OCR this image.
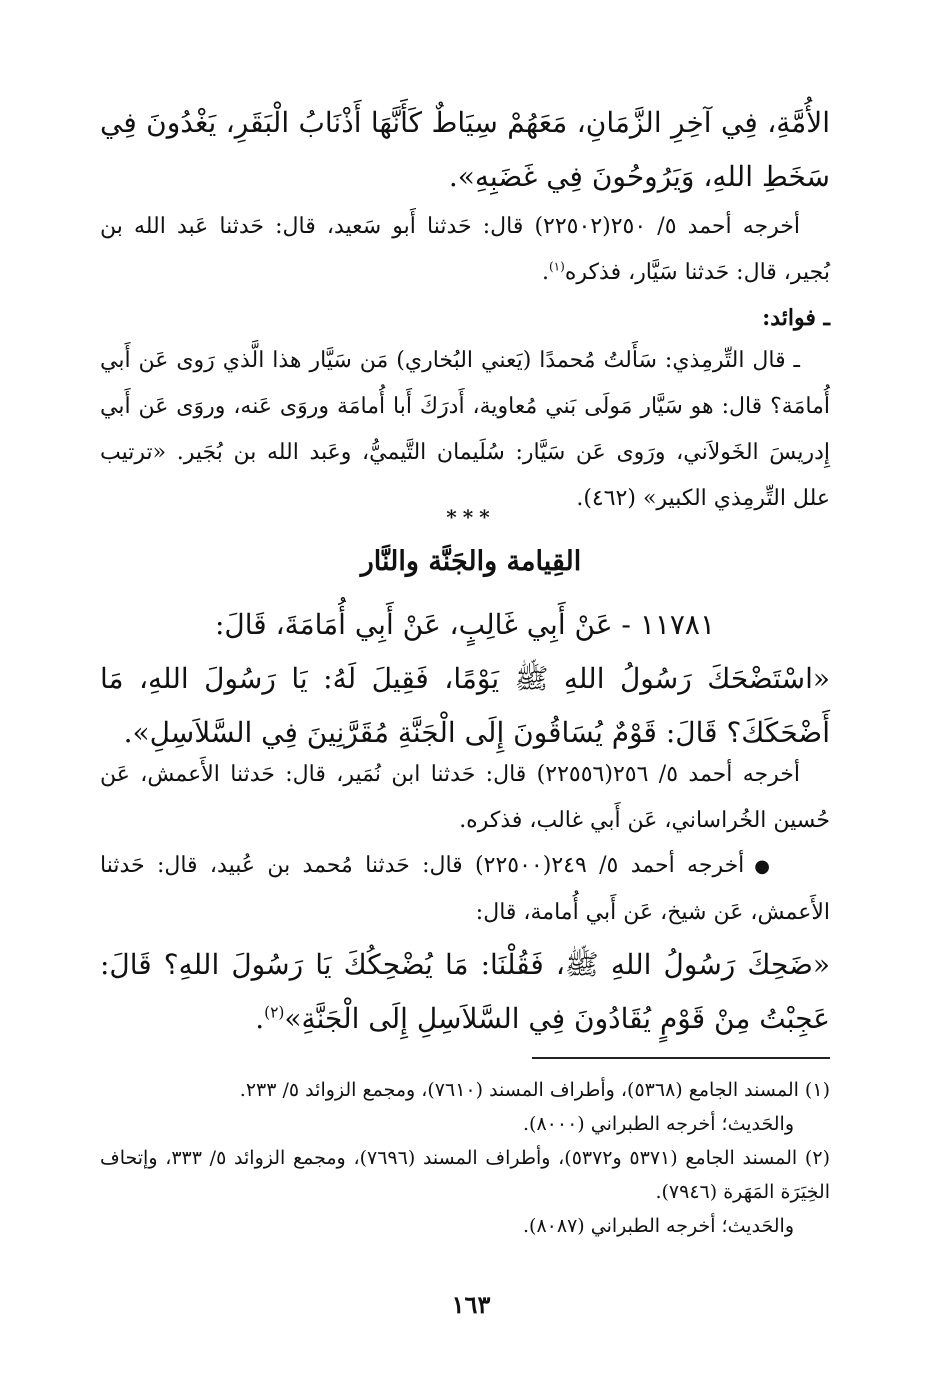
الأُمَّةِ، فِي آخِرِ الزَّمَانِ، مَعَهُمْ سِيَاطٌ كَأَنَّهَا أَذْنَابُ الْبَقَرِ، يَغْدُونَ فِي سَخَطِ اللهِ، وَيَرُوحُونَ فِي غَضَبِهِ».
أخرجه أحمد ٥/ ٢٥٠(٢٢٥٠٢) قال: حَدثنا أَبو سَعيد، قال: حَدثنا عَبد الله بن بُجير، قال: حَدثنا سَيَّار، فذكره$^{(١)}$.
ـ فوائد:
ـ قال التِّرمِذي: سَأَلتُ مُحمدًا (يَعني البُخاري) مَن سَيَّار هذا الَّذي رَوى عَن أَبي أُمامَة؟ قال: هو سَيَّار مَولَى بَني مُعاوية، أَدرَكَ أَبا أُمامَة وروَى عَنه، وروَى عَن أَبي إِدريسَ الخَولاَني، ورَوى عَن سَيَّار: سُلَيمان التَّيميُّ، وعَبد الله بن بُجَير. «ترتيب علل التِّرمِذي الكبير» (٤٦٢).
***
القِيامة والجَنَّة والنَّار
١١٧٨١ - عَنْ أَبِي غَالِبٍ، عَنْ أَبِي أُمَامَةَ، قَالَ:
«اسْتَضْحَكَ رَسُولُ اللهِ ﷺ يَوْمًا، فَقِيلَ لَهُ: يَا رَسُولَ اللهِ، مَا أَضْحَكَكَ؟ قَالَ: قَوْمٌ يُسَاقُونَ إِلَى الْجَنَّةِ مُقَرَّنِينَ فِي السَّلاَسِلِ».
أخرجه أحمد ٥/ ٢٥٦(٢٢٥٥٦) قال: حَدثنا ابن نُمَير، قال: حَدثنا الأَعمش، عَن حُسين الخُراساني، عَن أَبي غالب، فذكره.
●أخرجه أحمد ٥/ ٢٤٩(٢٢٥٠٠) قال: حَدثنا مُحمد بن عُبيد، قال: حَدثنا الأَعمش، عَن شيخ، عَن أَبي أُمامة، قال:
«ضَحِكَ رَسُولُ اللهِ ﷺ، فَقُلْنَا: مَا يُضْحِكُكَ يَا رَسُولَ اللهِ؟ قَالَ: عَجِبْتُ مِنْ قَوْمٍ يُقَادُونَ فِي السَّلاَسِلِ إِلَى الْجَنَّةِ»$^{(٢)}$.
(١) المسند الجامع (٥٣٦٨)، وأطراف المسند (٧٦١٠)، ومجمع الزوائد ٥/ ٢٣٣.
والحَديث؛ أخرجه الطبراني (٨٠٠٠).
(٢) المسند الجامع (٥٣٧١ و٥٣٧٢)، وأطراف المسند (٧٦٩٦)، ومجمع الزوائد ٥/ ٣٣٣، وإتحاف الخِيَرَة المَهَرة (٧٩٤٦).
والحَديث؛ أخرجه الطبراني (٨٠٨٧).
١٦٣
